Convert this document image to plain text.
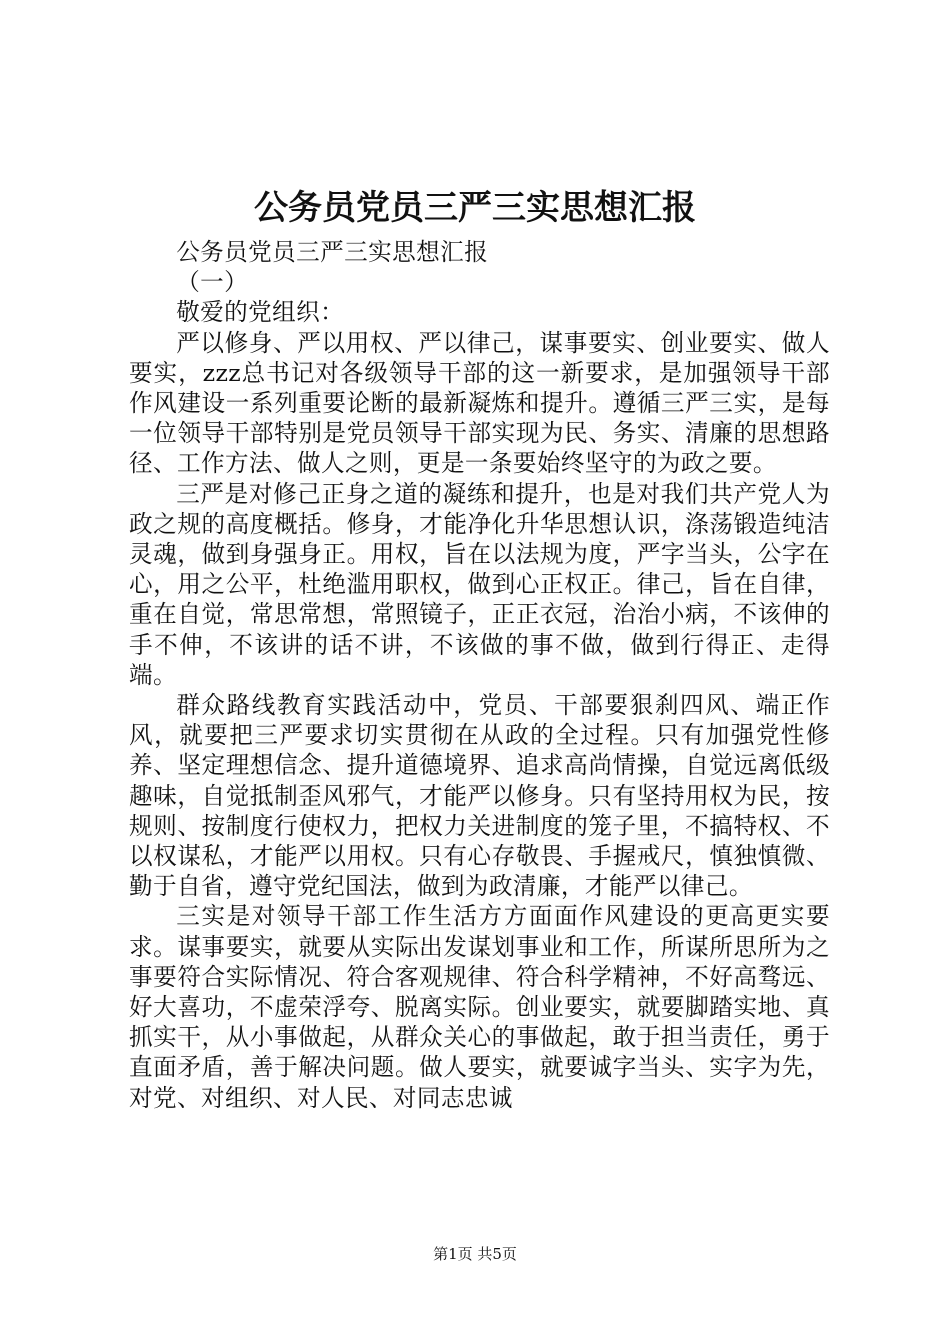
公务员党员三严三实思想汇报

公务员党员三严三实思想汇报

（一）

敬爱的党组织：

严以修身、严以用权、严以律己，谋事要实、创业要实、做人要实，zzz总书记对各级领导干部的这一新要求，是加强领导干部作风建设一系列重要论断的最新凝炼和提升。遵循三严三实，是每一位领导干部特别是党员领导干部实现为民、务实、清廉的思想路径、工作方法、做人之则，更是一条要始终坚守的为政之要。

三严是对修己正身之道的凝练和提升，也是对我们共产党人为政之规的高度概括。修身，才能净化升华思想认识，涤荡锻造纯洁灵魂，做到身强身正。用权，旨在以法规为度，严字当头，公字在心，用之公平，杜绝滥用职权，做到心正权正。律己，旨在自律，重在自觉，常思常想，常照镜子，正正衣冠，治治小病，不该伸的手不伸，不该讲的话不讲，不该做的事不做，做到行得正、走得端。

群众路线教育实践活动中，党员、干部要狠刹四风、端正作风，就要把三严要求切实贯彻在从政的全过程。只有加强党性修养、坚定理想信念、提升道德境界、追求高尚情操，自觉远离低级趣味，自觉抵制歪风邪气，才能严以修身。只有坚持用权为民，按规则、按制度行使权力，把权力关进制度的笼子里，不搞特权、不以权谋私，才能严以用权。只有心存敬畏、手握戒尺，慎独慎微、勤于自省，遵守党纪国法，做到为政清廉，才能严以律己。

三实是对领导干部工作生活方方面面作风建设的更高更实要求。谋事要实，就要从实际出发谋划事业和工作，所谋所思所为之事要符合实际情况、符合客观规律、符合科学精神，不好高骛远、好大喜功，不虚荣浮夸、脱离实际。创业要实，就要脚踏实地、真抓实干，从小事做起，从群众关心的事做起，敢于担当责任，勇于直面矛盾，善于解决问题。做人要实，就要诚字当头、实字为先，对党、对组织、对人民、对同志忠诚

第1页 共5页
